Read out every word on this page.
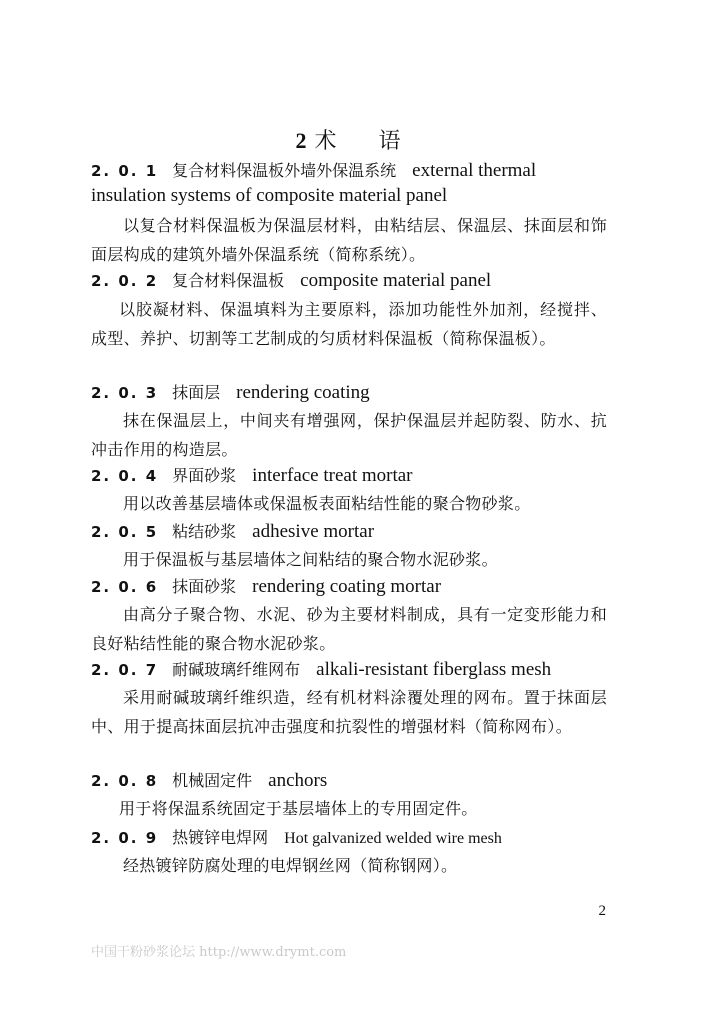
2 术　语
2. 0. 1 复合材料保温板外墙外保温系统 external thermal
insulation systems of composite material panel
以复合材料保温板为保温层材料，由粘结层、保温层、抹面层和饰面层构成的建筑外墙外保温系统（简称系统）。
2. 0. 2 复合材料保温板 composite material panel
以胶凝材料、保温填料为主要原料，添加功能性外加剂，经搅拌、成型、养护、切割等工艺制成的匀质材料保温板（简称保温板）。
2. 0. 3 抹面层 rendering coating
抹在保温层上，中间夹有增强网，保护保温层并起防裂、防水、抗冲击作用的构造层。
2. 0. 4 界面砂浆 interface treat mortar
用以改善基层墙体或保温板表面粘结性能的聚合物砂浆。
2. 0. 5 粘结砂浆 adhesive mortar
用于保温板与基层墙体之间粘结的聚合物水泥砂浆。
2. 0. 6 抹面砂浆 rendering coating mortar
由高分子聚合物、水泥、砂为主要材料制成，具有一定变形能力和良好粘结性能的聚合物水泥砂浆。
2. 0. 7 耐碱玻璃纤维网布 alkali-resistant fiberglass mesh
采用耐碱玻璃纤维织造，经有机材料涂覆处理的网布。置于抹面层中、用于提高抹面层抗冲击强度和抗裂性的增强材料（简称网布）。
2. 0. 8 机械固定件 anchors
用于将保温系统固定于基层墙体上的专用固定件。
2. 0. 9 热镀锌电焊网 Hot galvanized welded wire mesh
经热镀锌防腐处理的电焊钢丝网（简称钢网）。
2
中国干粉砂浆论坛 http://www.drymt.com
